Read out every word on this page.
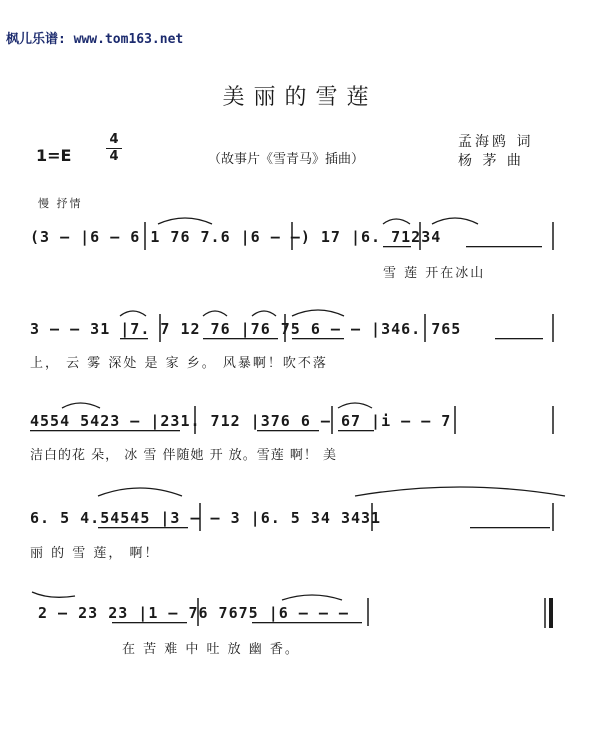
枫儿乐谱: www.tom163.net
美丽的雪莲
1=E
4
4	（故事片《雪青马》插曲）
孟海鸥 词
杨 茅 曲
慢 抒情
(3 — |6 — 6 1 76 7.6 |6 — —) 17 |6. 71234
雪 莲 开在冰山
3 — — 31 |7. 7 12 76 |76 75 6 — — |346. 765
上， 云 雾 深处 是 家 乡。 风暴啊！吹不落
4554 5423 — |231. 712 |376 6 — 67 |i — — 7
洁白的花 朵， 冰 雪 伴随她 开 放。雪莲 啊！ 美
6. 5 4.54545 |3 — — 3 |6. 5 34 3431
丽 的 雪 莲， 啊！
2 — 23 23 |1 — 76 7675 |6 — — —
在 苦 难 中 吐 放 幽 香。
